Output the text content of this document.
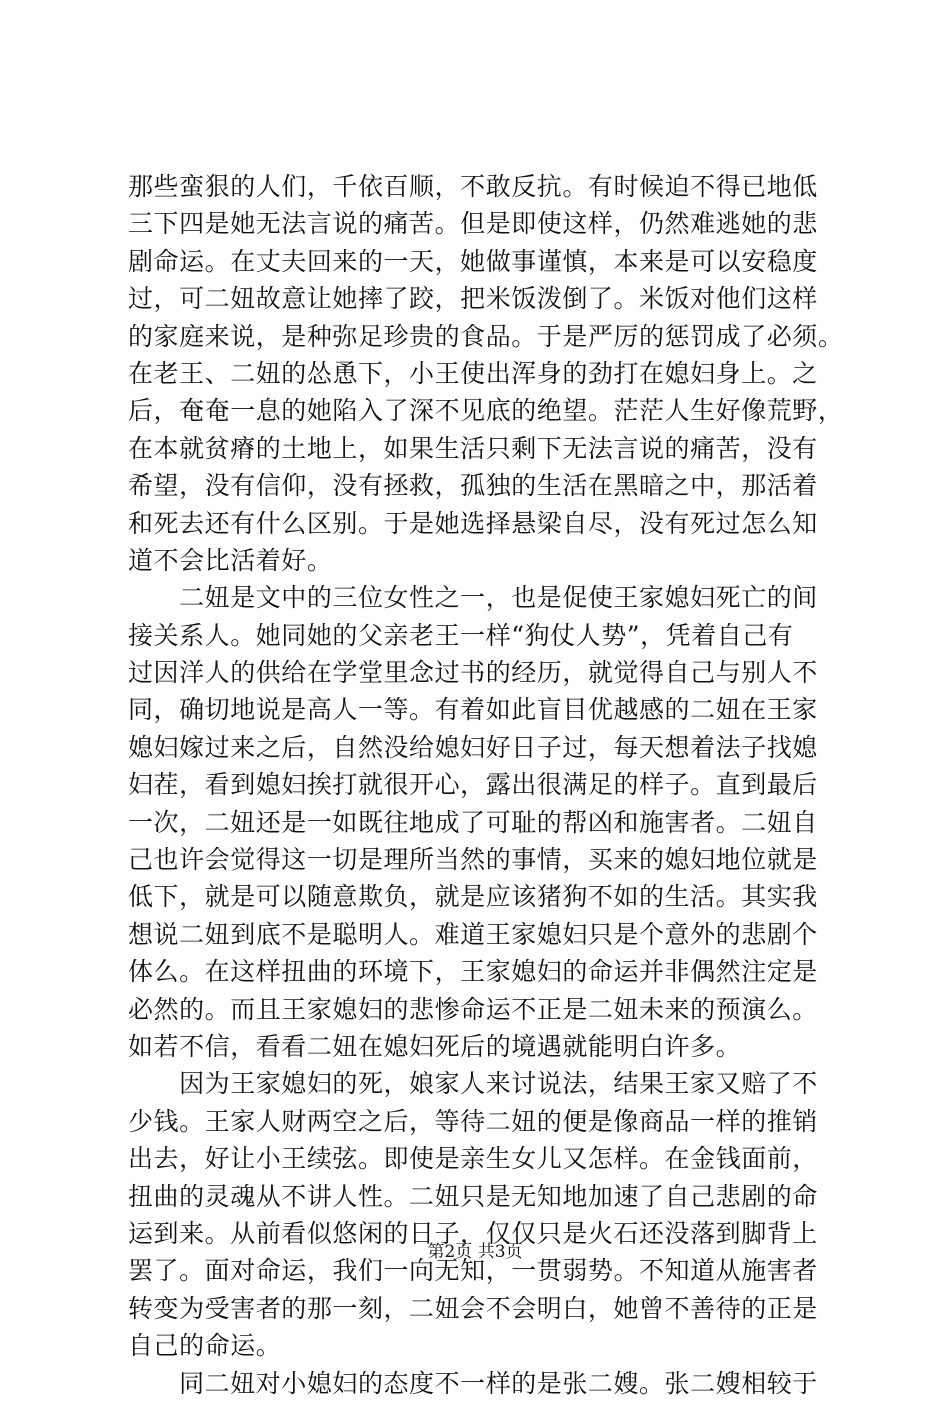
那些蛮狠的人们，千依百顺，不敢反抗。有时候迫不得已地低
三下四是她无法言说的痛苦。但是即使这样，仍然难逃她的悲
剧命运。在丈夫回来的一天，她做事谨慎，本来是可以安稳度
过，可二妞故意让她摔了跤，把米饭泼倒了。米饭对他们这样
的家庭来说，是种弥足珍贵的食品。于是严厉的惩罚成了必须。
在老王、二妞的怂恿下，小王使出浑身的劲打在媳妇身上。之
后，奄奄一息的她陷入了深不见底的绝望。茫茫人生好像荒野，
在本就贫瘠的土地上，如果生活只剩下无法言说的痛苦，没有
希望，没有信仰，没有拯救，孤独的生活在黑暗之中，那活着
和死去还有什么区别。于是她选择悬梁自尽，没有死过怎么知
道不会比活着好。
　　二妞是文中的三位女性之一，也是促使王家媳妇死亡的间
接关系人。她同她的父亲老王一样“狗仗人势”，凭着自己有
过因洋人的供给在学堂里念过书的经历，就觉得自己与别人不
同，确切地说是高人一等。有着如此盲目优越感的二妞在王家
媳妇嫁过来之后，自然没给媳妇好日子过，每天想着法子找媳
妇茬，看到媳妇挨打就很开心，露出很满足的样子。直到最后
一次，二妞还是一如既往地成了可耻的帮凶和施害者。二妞自
己也许会觉得这一切是理所当然的事情，买来的媳妇地位就是
低下，就是可以随意欺负，就是应该猪狗不如的生活。其实我
想说二妞到底不是聪明人。难道王家媳妇只是个意外的悲剧个
体么。在这样扭曲的环境下，王家媳妇的命运并非偶然注定是
必然的。而且王家媳妇的悲惨命运不正是二妞未来的预演么。
如若不信，看看二妞在媳妇死后的境遇就能明白许多。
　　因为王家媳妇的死，娘家人来讨说法，结果王家又赔了不
少钱。王家人财两空之后，等待二妞的便是像商品一样的推销
出去，好让小王续弦。即使是亲生女儿又怎样。在金钱面前，
扭曲的灵魂从不讲人性。二妞只是无知地加速了自己悲剧的命
运到来。从前看似悠闲的日子，仅仅只是火石还没落到脚背上
罢了。面对命运，我们一向无知，一贯弱势。不知道从施害者
转变为受害者的那一刻，二妞会不会明白，她曾不善待的正是
自己的命运。
　　同二妞对小媳妇的态度不一样的是张二嫂。张二嫂相较于
第2页 共3页
